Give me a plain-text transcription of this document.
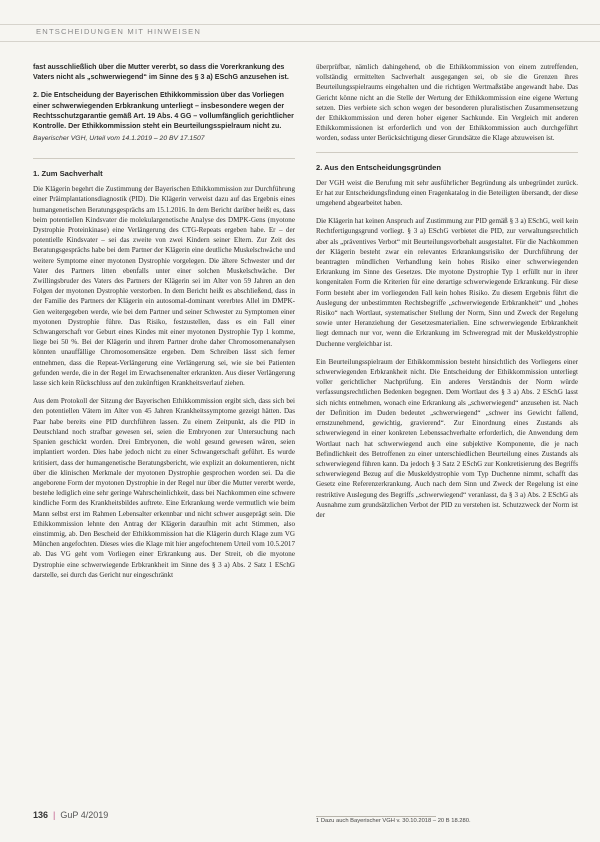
ENTSCHEIDUNGEN MIT HINWEISEN

fast ausschließlich über die Mutter vererbt, so dass die Vorerkrankung des Vaters nicht als „schwerwiegend“ im Sinne des § 3 a) ESchG anzusehen ist.

2. Die Entscheidung der Bayerischen Ethikkommission über das Vorliegen einer schwerwiegenden Erbkrankung unterliegt – insbesondere wegen der Rechtsschutzgarantie gemäß Art. 19 Abs. 4 GG – vollumfänglich gerichtlicher Kontrolle. Der Ethikkommission steht ein Beurteilungsspielraum nicht zu.

Bayerischer VGH, Urteil vom 14.1.2019 – 20 BV 17.1507

1. Zum Sachverhalt

Die Klägerin begehrt die Zustimmung der Bayerischen Ethikkommission zur Durchführung einer Präimplantationsdiagnostik (PID). Die Klägerin verweist dazu auf das Ergebnis eines humangenetischen Beratungsgesprächs am 15.1.2016. In dem Bericht darüber heißt es, dass beim potentiellen Kindsvater die molekulargenetische Analyse des DMPK-Gens (myotone Dystrophie Proteinkinase) eine Verlängerung des CTG-Repeats ergeben habe. Er – der potentielle Kindsvater – sei das zweite von zwei Kindern seiner Eltern. Zur Zeit des Beratungsgesprächs habe bei dem Partner der Klägerin eine deutliche Muskelschwäche und weitere Symptome einer myotonen Dystrophie vorgelegen. Die ältere Schwester und der Vater des Partners litten ebenfalls unter einer solchen Muskelschwäche. Der Zwillingsbruder des Vaters des Partners der Klägerin sei im Alter von 59 Jahren an den Folgen der myotonen Dystrophie verstorben. In dem Bericht heißt es abschließend, dass in der Familie des Partners der Klägerin ein autosomal-dominant vererbtes Allel im DMPK-Gen weitergegeben werde, wie bei dem Partner und seiner Schwester zu Symptomen einer myotonen Dystrophie führe. Das Risiko, festzustellen, dass es ein Fall einer Schwangerschaft vor Geburt eines Kindes mit einer myotonen Dystrophie Typ 1 komme, liege bei 50 %. Bei der Klägerin und ihrem Partner drohe daher Chromosomenanalysen könnten unauffällige Chromosomensätze ergeben. Dem Schreiben lässt sich ferner entnehmen, dass die Repeat-Verlängerung eine Verlängerung sei, wie sie bei Patienten gefunden werde, die in der Regel im Erwachsenenalter erkrankten. Aus dieser Verlängerung lasse sich kein Rückschluss auf den zukünftigen Krankheitsverlauf ziehen.

Aus dem Protokoll der Sitzung der Bayerischen Ethikkommission ergibt sich, dass sich bei den potentiellen Vätern im Alter von 45 Jahren Krankheitssymptome gezeigt hätten. Das Paar habe bereits eine PID durchführen lassen. Zu einem Zeitpunkt, als die PID in Deutschland noch strafbar gewesen sei, seien die Embryonen zur Untersuchung nach Spanien geschickt worden. Drei Embryonen, die wohl gesund gewesen wären, seien implantiert worden. Dies habe jedoch nicht zu einer Schwangerschaft geführt. Es wurde kritisiert, dass der humangenetische Beratungsbericht, wie explizit an dokumentieren, nicht über die klinischen Merkmale der myotonen Dystrophie gesprochen worden sei. Da die angeborene Form der myotonen Dystrophie in der Regel nur über die Mutter vererbt werde, bestehe lediglich eine sehr geringe Wahrscheinlichkeit, dass bei Nachkommen eine schwere kindliche Form des Krankheitsbildes auftrete. Eine Erkrankung werde vermutlich wie beim Mann selbst erst im Rahmen Lebensalter erkennbar und nicht schwer ausgeprägt sein. Die Ethikkommission lehnte den Antrag der Klägerin daraufhin mit acht Stimmen, also einstimmig, ab. Den Bescheid der Ethikkommission hat die Klägerin durch Klage zum VG München angefochten. Dieses wies die Klage mit hier angefochtenem Urteil vom 10.5.2017 ab. Das VG geht vom Vorliegen einer Erkrankung aus. Der Streit, ob die myotone Dystrophie eine schwerwiegende Erbkrankheit im Sinne des § 3 a) Abs. 2 Satz 1 ESchG darstelle, sei durch das Gericht nur eingeschränkt

überprüfbar, nämlich dahingehend, ob die Ethikkommission von einem zutreffenden, vollständig ermittelten Sachverhalt ausgegangen sei, ob sie die Grenzen ihres Beurteilungsspielraums eingehalten und die richtigen Wertmaßstäbe angewandt habe. Das Gericht könne nicht an die Stelle der Wertung der Ethikkommission eine eigene Wertung setzen. Dies verbiete sich schon wegen der besonderen pluralistischen Zusammensetzung der Ethikkommission und deren hoher eigener Sachkunde. Ein Vergleich mit anderen Ethikkommissionen ist erforderlich und von der Ethikkommission auch durchgeführt worden, sodass unter Berücksichtigung dieser Grundsätze die Klage abzuweisen ist.

2. Aus den Entscheidungsgründen

Der VGH weist die Berufung mit sehr ausführlicher Begründung als unbegründet zurück. Er hat zur Entscheidungsfindung einen Fragenkatalog in die Beteiligten übersandt, der diese umgehend abgearbeitet haben.

Die Klägerin hat keinen Anspruch auf Zustimmung zur PID gemäß § 3 a) ESchG, weil kein Rechtfertigungsgrund vorliegt. § 3 a) ESchG verbietet die PID, zur verwaltungsrechtlich aber als „präventives Verbot“ mit Beurteilungsvorbehalt ausgestaltet. Für die Nachkommen der Klägerin besteht zwar ein relevantes Erkrankungsrisiko der Durchführung der beantragten mündlichen Verhandlung kein hohes Risiko einer schwerwiegenden Erkrankung im Sinne des Gesetzes. Die myotone Dystrophie Typ 1 erfüllt nur in ihrer kongenitalen Form die Kriterien für eine derartige schwerwiegende Erkrankung. Für diese Form besteht aber im vorliegenden Fall kein hohes Risiko. Zu diesem Ergebnis führt die Auslegung der unbestimmten Rechtsbegriffe „schwerwiegende Erbkrankheit“ und „hohes Risiko“ nach Wortlaut, systematischer Stellung der Norm, Sinn und Zweck der Regelung sowie unter Heranziehung der Gesetzesmaterialien. Eine schwerwiegende Erbkrankheit liegt demnach nur vor, wenn die Erkrankung im Schweregrad mit der Muskeldystrophie Duchenne vergleichbar ist.

Ein Beurteilungsspielraum der Ethikkommission besteht hinsichtlich des Vorliegens einer schwerwiegenden Erbkrankheit nicht. Die Entscheidung der Ethikkommission unterliegt voller gerichtlicher Nachprüfung. Ein anderes Verständnis der Norm würde verfassungsrechtlichen Bedenken begegnen. Dem Wortlaut des § 3 a) Abs. 2 ESchG lasst sich nichts entnehmen, wonach eine Erkrankung als „schwerwiegend“ anzusehen ist. Nach der Definition im Duden bedeutet „schwerwiegend“ „schwer ins Gewicht fallend, ernstzunehmend, gewichtig, gravierend“. Zur Einordnung eines Zustands als schwerwiegend in einer konkreten Lebenssachverhalte erforderlich, die Anwendung dem Wortlaut nach hat schwerwiegend auch eine subjektive Komponente, die je nach Befindlichkeit des Betroffenen zu einer unterschiedlichen Beurteilung eines Zustands als schwerwiegend führen kann. Da jedoch § 3 Satz 2 ESchG zur Konkretisierung des Begriffs schwerwiegend Bezug auf die Muskeldystrophie vom Typ Duchenne nimmt, schafft das Gesetz eine Referenzerkrankung. Auch nach dem Sinn und Zweck der Regelung ist eine restriktive Auslegung des Begriffs „schwerwiegend“ veranlasst, da § 3 a) Abs. 2 ESchG als Ausnahme zum grundsätzlichen Verbot der PID zu verstehen ist. Schutzzweck der Norm ist der

1 Dazu auch Bayerischer VGH v. 30.10.2018 – 20 B 18.280.
136 | GuP 4/2019
